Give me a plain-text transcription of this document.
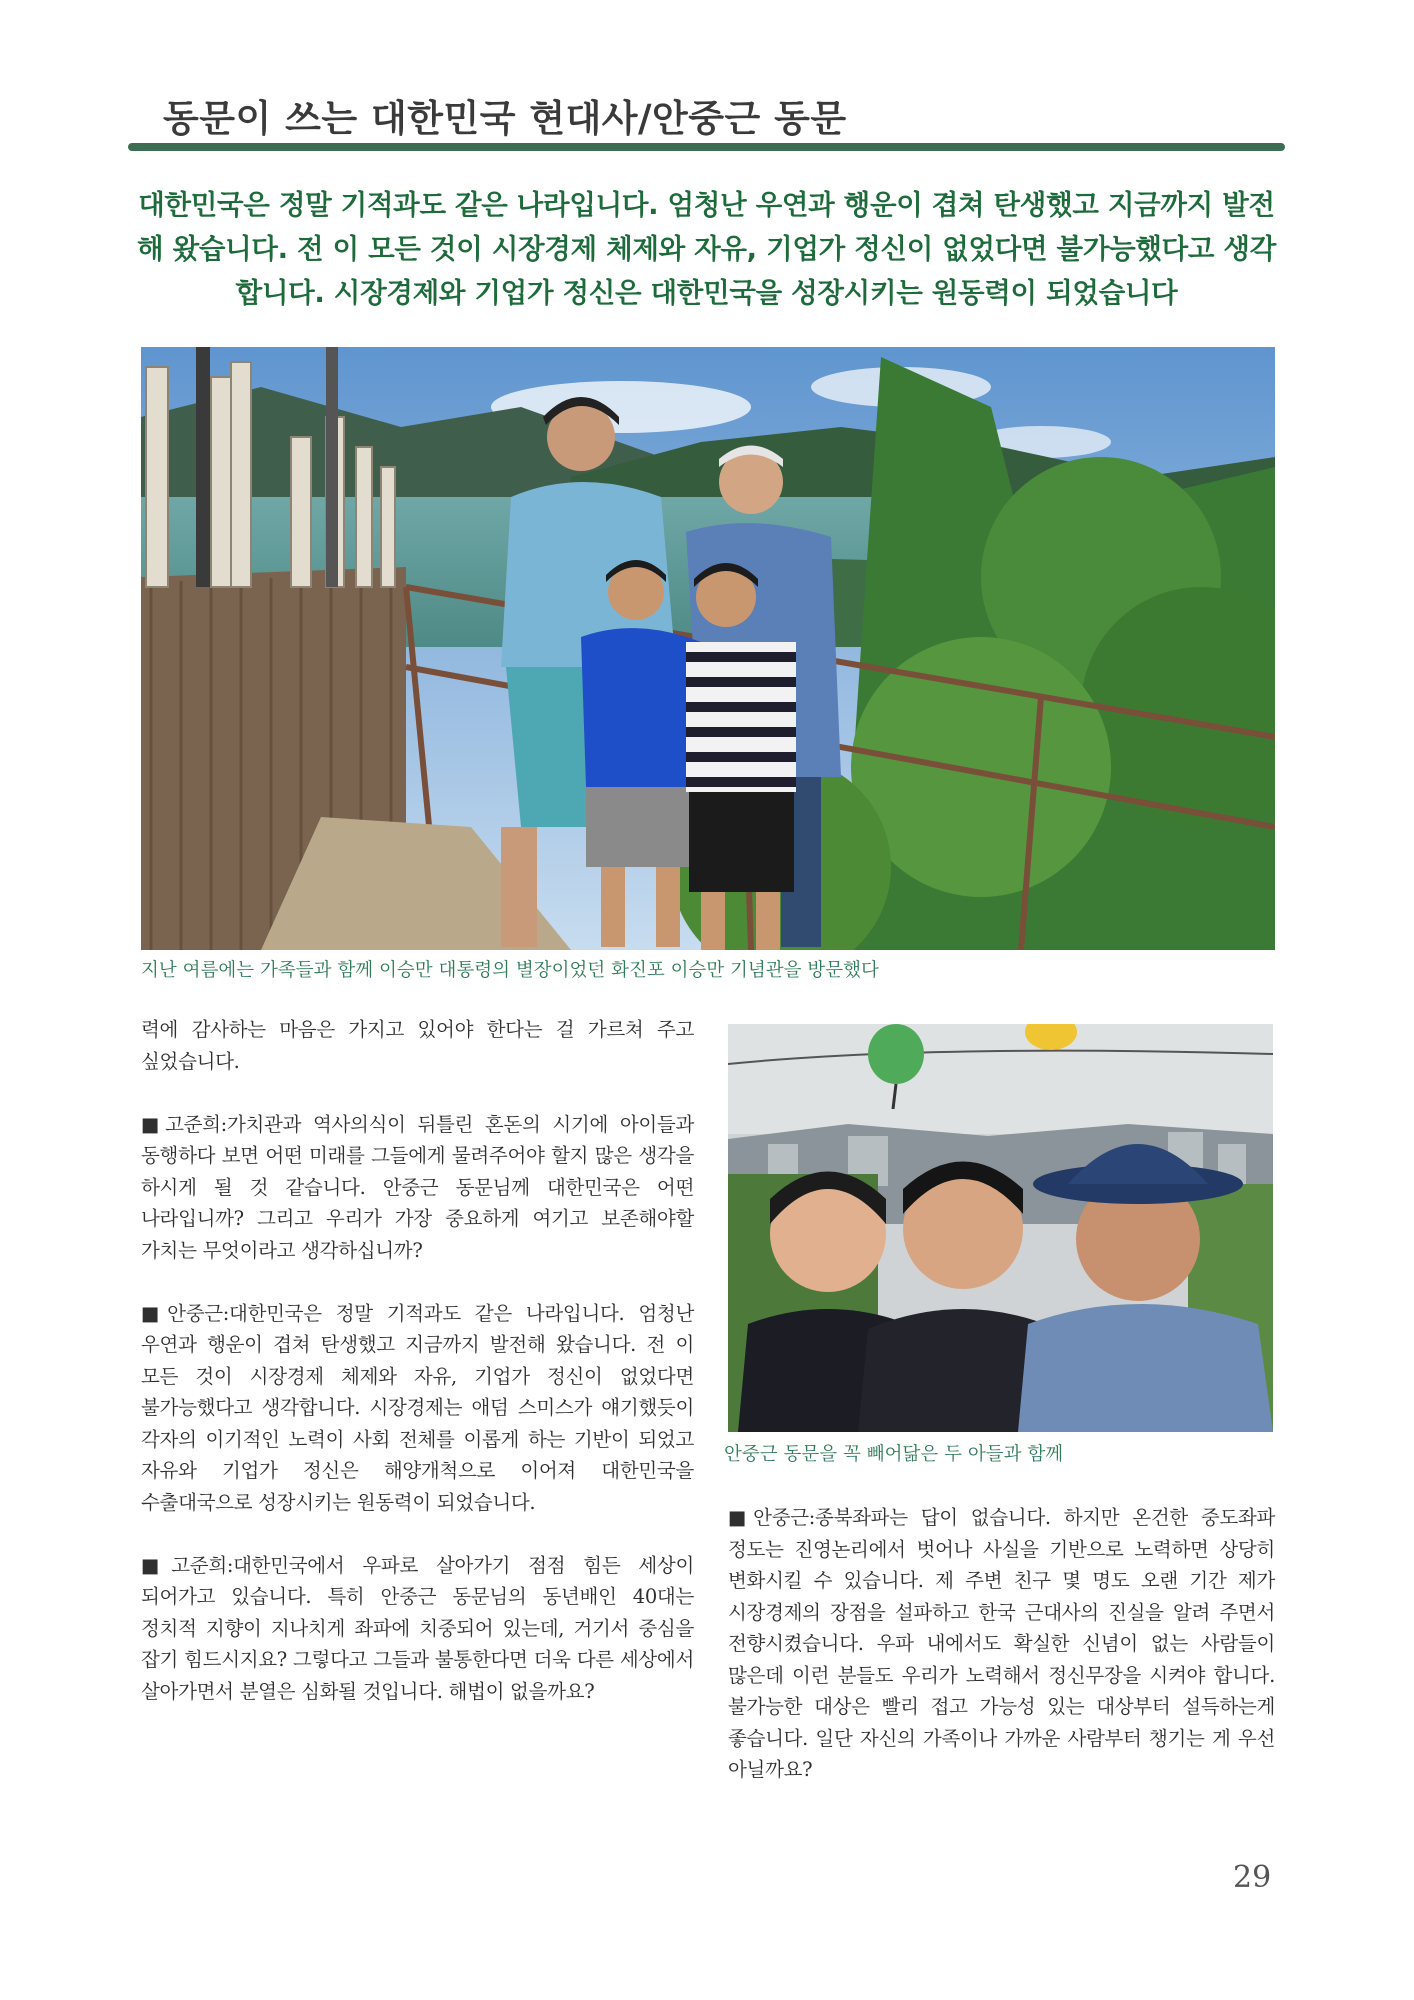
동문이 쓰는 대한민국 현대사/안중근 동문

대한민국은 정말 기적과도 같은 나라입니다. 엄청난 우연과 행운이 겹쳐 탄생했고 지금까지 발전해 왔습니다. 전 이 모든 것이 시장경제 체제와 자유, 기업가 정신이 없었다면 불가능했다고 생각합니다. 시장경제와 기업가 정신은 대한민국을 성장시키는 원동력이 되었습니다

지난 여름에는 가족들과 함께 이승만 대통령의 별장이었던 화진포 이승만 기념관을 방문했다

력에 감사하는 마음은 가지고 있어야 한다는 걸 가르쳐 주고 싶었습니다.

■고준희:가치관과 역사의식이 뒤틀린 혼돈의 시기에 아이들과 동행하다 보면 어떤 미래를 그들에게 물려주어야 할지 많은 생각을 하시게 될 것 같습니다. 안중근 동문님께 대한민국은 어떤 나라입니까? 그리고 우리가 가장 중요하게 여기고 보존해야할 가치는 무엇이라고 생각하십니까?

■안중근:대한민국은 정말 기적과도 같은 나라입니다. 엄청난 우연과 행운이 겹쳐 탄생했고 지금까지 발전해 왔습니다. 전 이 모든 것이 시장경제 체제와 자유, 기업가 정신이 없었다면 불가능했다고 생각합니다. 시장경제는 애덤 스미스가 얘기했듯이 각자의 이기적인 노력이 사회 전체를 이롭게 하는 기반이 되었고 자유와 기업가 정신은 해양개척으로 이어져 대한민국을 수출대국으로 성장시키는 원동력이 되었습니다.

■고준희:대한민국에서 우파로 살아가기 점점 힘든 세상이 되어가고 있습니다. 특히 안중근 동문님의 동년배인 40대는 정치적 지향이 지나치게 좌파에 치중되어 있는데, 거기서 중심을 잡기 힘드시지요? 그렇다고 그들과 불통한다면 더욱 다른 세상에서 살아가면서 분열은 심화될 것입니다. 해법이 없을까요?

안중근 동문을 꼭 빼어닮은 두 아들과 함께

■안중근:종북좌파는 답이 없습니다. 하지만 온건한 중도좌파 정도는 진영논리에서 벗어나 사실을 기반으로 노력하면 상당히 변화시킬 수 있습니다. 제 주변 친구 몇 명도 오랜 기간 제가 시장경제의 장점을 설파하고 한국 근대사의 진실을 알려 주면서 전향시켰습니다. 우파 내에서도 확실한 신념이 없는 사람들이 많은데 이런 분들도 우리가 노력해서 정신무장을 시켜야 합니다. 불가능한 대상은 빨리 접고 가능성 있는 대상부터 설득하는게 좋습니다. 일단 자신의 가족이나 가까운 사람부터 챙기는 게 우선 아닐까요?

29
